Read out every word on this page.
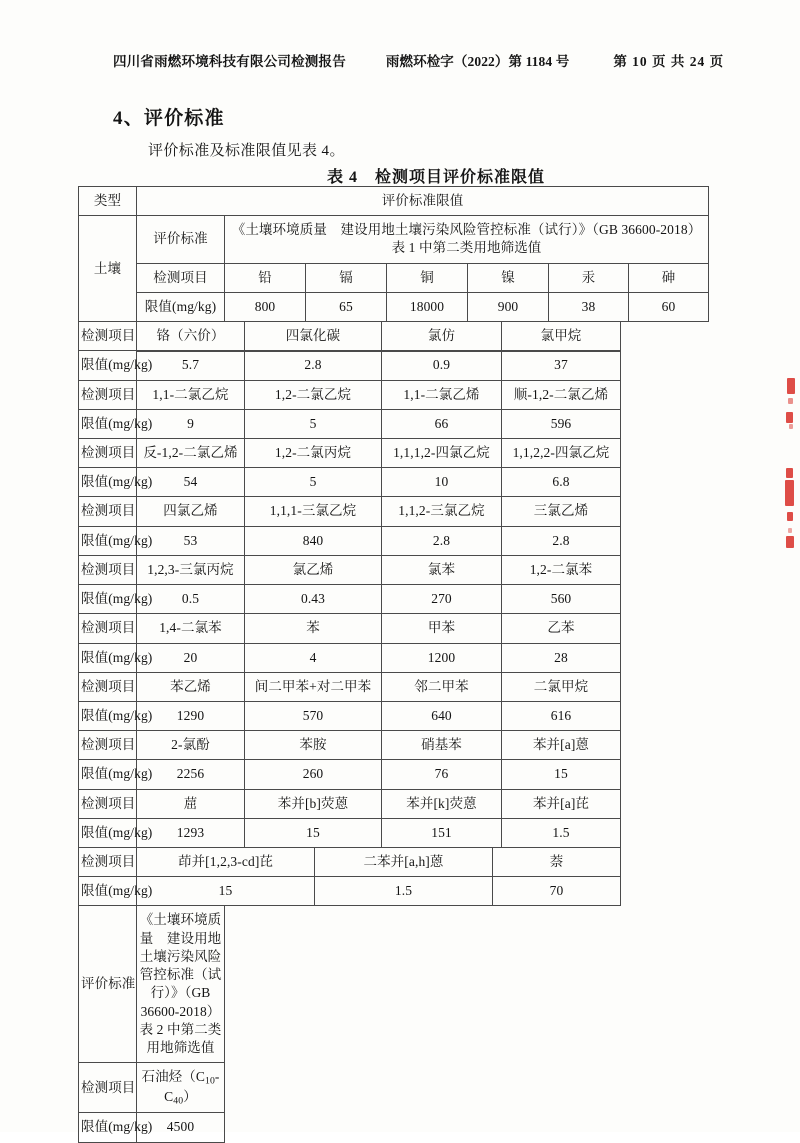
四川省雨燃环境科技有限公司检测报告	雨燃环检字（2022）第 1184 号	第 10 页 共 24 页
4、评价标准
评价标准及标准限值见表 4。
表 4　检测项目评价标准限值
类型	评价标准限值
土壤	评价标准	《土壤环境质量　建设用地土壤污染风险管控标准（试行）》（GB 36600-2018）
表 1 中第二类用地筛选值
检测项目		铅	镉	铜	镍	汞	砷

限值(mg/kg)		800	65	18000	900	38	60

检测项目	铬（六价）	四氯化碳	氯仿	氯甲烷

限值(mg/kg)	5.7	2.8	0.9	37

检测项目	1,1-二氯乙烷	1,2-二氯乙烷	1,1-二氯乙烯	顺-1,2-二氯乙烯

限值(mg/kg)		9	5	66	596

检测项目	反-1,2-二氯乙烯	1,2-二氯丙烷	1,1,1,2-四氯乙烷	1,1,2,2-四氯乙烷

限值(mg/kg)	54	5	10	6.8

检测项目	四氯乙烯	1,1,1-三氯乙烷	1,1,2-三氯乙烷	三氯乙烯

限值(mg/kg)	53	840	2.8	2.8

检测项目	1,2,3-三氯丙烷	氯乙烯	氯苯	1,2-二氯苯

限值(mg/kg)	0.5	0.43	270	560

检测项目	1,4-二氯苯	苯	甲苯	乙苯

限值(mg/kg)	20	4	1200	28

检测项目		苯乙烯	间二甲苯+对二甲苯	邻二甲苯	二氯甲烷

限值(mg/kg)	1290	570	640	616

检测项目		2-氯酚	苯胺	硝基苯	苯并[a]蒽

限值(mg/kg)	2256	260	76	15

检测项目		䓛	苯并[b]荧蒽	苯并[k]荧蒽	苯并[a]芘

限值(mg/kg)	1293	15	151	1.5

检测项目		茚并[1,2,3-cd]芘	二苯并[a,h]蒽	萘

限值(mg/kg)		15	1.5	70

评价标准	《土壤环境质量　建设用地土壤污染风险管控标准（试行）》（GB 36600-2018）
表 2 中第二类用地筛选值
检测项目	石油烃$(C_{10}-C_{40})$
限值(mg/kg)	4500
